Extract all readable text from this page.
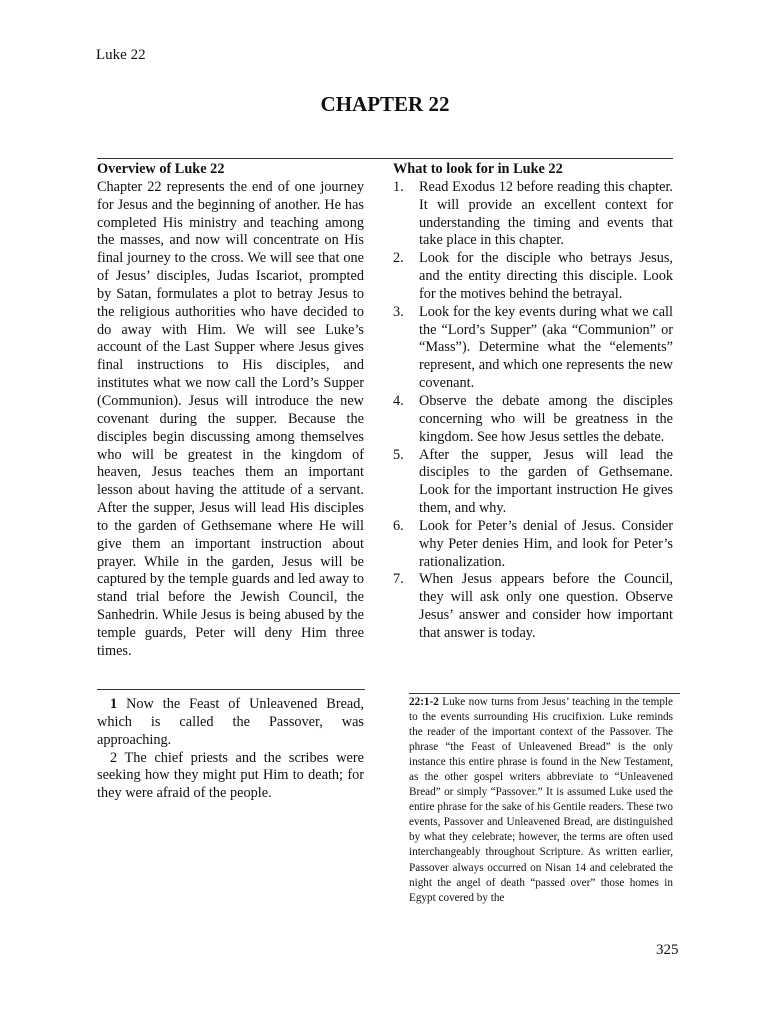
Luke 22
CHAPTER 22
Overview of Luke 22
Chapter 22 represents the end of one journey for Jesus and the beginning of another. He has completed His ministry and teaching among the masses, and now will concentrate on His final journey to the cross. We will see that one of Jesus’ disciples, Judas Iscariot, prompted by Satan, formulates a plot to betray Jesus to the religious authorities who have decided to do away with Him. We will see Luke’s account of the Last Supper where Jesus gives final instructions to His disciples, and institutes what we now call the Lord’s Supper (Communion). Jesus will introduce the new covenant during the supper. Because the disciples begin discussing among themselves who will be greatest in the kingdom of heaven, Jesus teaches them an important lesson about having the attitude of a servant. After the supper, Jesus will lead His disciples to the garden of Gethsemane where He will give them an important instruction about prayer. While in the garden, Jesus will be captured by the temple guards and led away to stand trial before the Jewish Council, the Sanhedrin. While Jesus is being abused by the temple guards, Peter will deny Him three times.
What to look for in Luke 22
1. Read Exodus 12 before reading this chapter. It will provide an excellent context for understanding the timing and events that take place in this chapter.
2. Look for the disciple who betrays Jesus, and the entity directing this disciple. Look for the motives behind the betrayal.
3. Look for the key events during what we call the “Lord’s Supper” (aka “Communion” or “Mass”). Determine what the “elements” represent, and which one represents the new covenant.
4. Observe the debate among the disciples concerning who will be greatness in the kingdom. See how Jesus settles the debate.
5. After the supper, Jesus will lead the disciples to the garden of Gethsemane. Look for the important instruction He gives them, and why.
6. Look for Peter’s denial of Jesus. Consider why Peter denies Him, and look for Peter’s rationalization.
7. When Jesus appears before the Council, they will ask only one question. Observe Jesus’ answer and consider how important that answer is today.

1 Now the Feast of Unleavened Bread, which is called the Passover, was approaching.

2 The chief priests and the scribes were seeking how they might put Him to death; for they were afraid of the people.

22:1-2 Luke now turns from Jesus’ teaching in the temple to the events surrounding His crucifixion. Luke reminds the reader of the important context of the Passover. The phrase “the Feast of Unleavened Bread” is the only instance this entire phrase is found in the New Testament, as the other gospel writers abbreviate to “Unleavened Bread” or simply “Passover.” It is assumed Luke used the entire phrase for the sake of his Gentile readers. These two events, Passover and Unleavened Bread, are distinguished by what they celebrate; however, the terms are often used interchangeably throughout Scripture. As written earlier, Passover always occurred on Nisan 14 and celebrated the night the angel of death “passed over” those homes in Egypt covered by the
325
